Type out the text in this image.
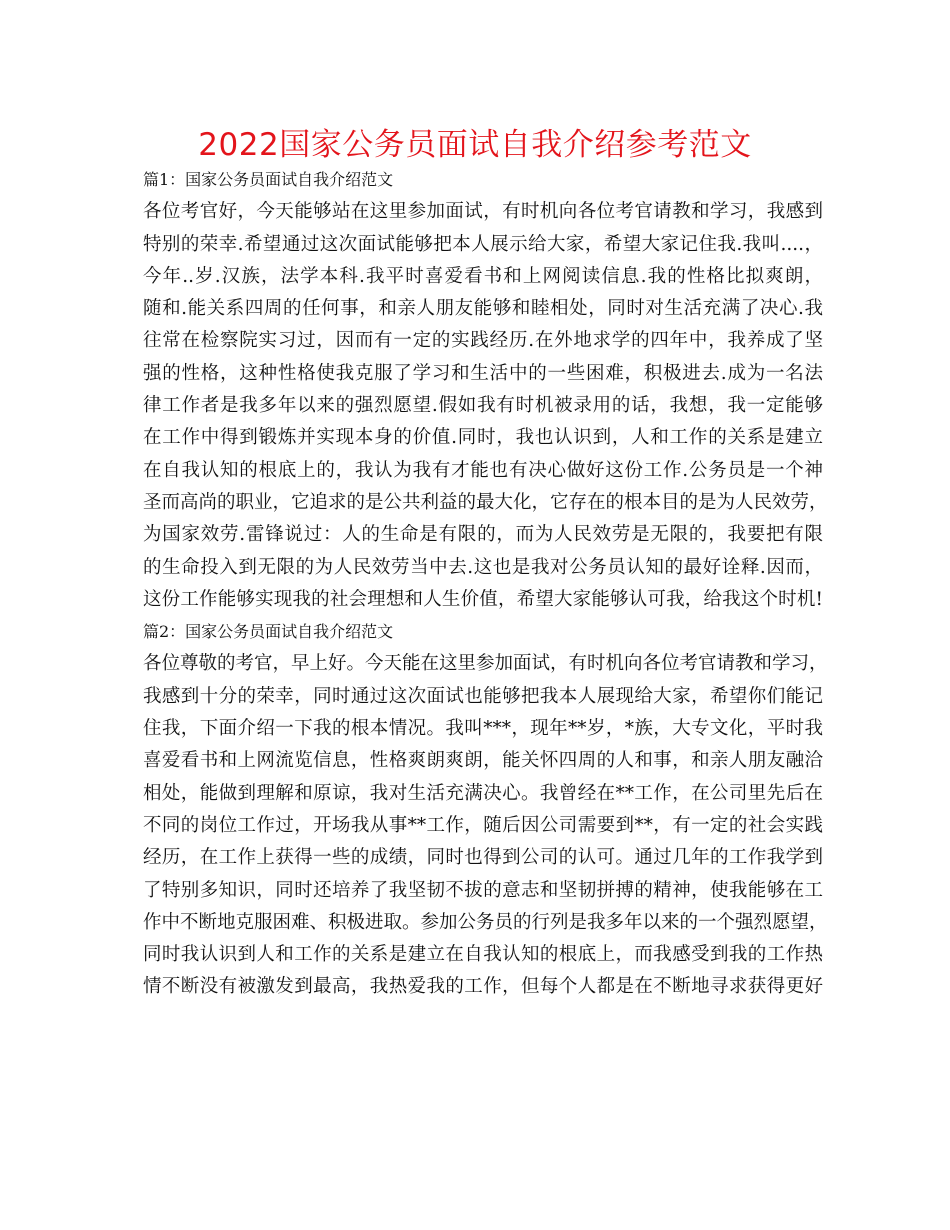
2022国家公务员面试自我介绍参考范文
篇1：国家公务员面试自我介绍范文
各位考官好，今天能够站在这里参加面试，有时机向各位考官请教和学习，我感到
特别的荣幸.希望通过这次面试能够把本人展示给大家，希望大家记住我.我叫....，
今年..岁.汉族，法学本科.我平时喜爱看书和上网阅读信息.我的性格比拟爽朗，
随和.能关系四周的任何事，和亲人朋友能够和睦相处，同时对生活充满了决心.我
往常在检察院实习过，因而有一定的实践经历.在外地求学的四年中，我养成了坚
强的性格，这种性格使我克服了学习和生活中的一些困难，积极进去.成为一名法
律工作者是我多年以来的强烈愿望.假如我有时机被录用的话，我想，我一定能够
在工作中得到锻炼并实现本身的价值.同时，我也认识到，人和工作的关系是建立
在自我认知的根底上的，我认为我有才能也有决心做好这份工作.公务员是一个神
圣而高尚的职业，它追求的是公共利益的最大化，它存在的根本目的是为人民效劳，
为国家效劳.雷锋说过：人的生命是有限的，而为人民效劳是无限的，我要把有限
的生命投入到无限的为人民效劳当中去.这也是我对公务员认知的最好诠释.因而，
这份工作能够实现我的社会理想和人生价值，希望大家能够认可我，给我这个时机!
篇2：国家公务员面试自我介绍范文
各位尊敬的考官，早上好。今天能在这里参加面试，有时机向各位考官请教和学习，
我感到十分的荣幸，同时通过这次面试也能够把我本人展现给大家，希望你们能记
住我，下面介绍一下我的根本情况。我叫***，现年**岁，*族，大专文化，平时我
喜爱看书和上网流览信息，性格爽朗爽朗，能关怀四周的人和事，和亲人朋友融洽
相处，能做到理解和原谅，我对生活充满决心。我曾经在**工作，在公司里先后在
不同的岗位工作过，开场我从事**工作，随后因公司需要到**，有一定的社会实践
经历，在工作上获得一些的成绩，同时也得到公司的认可。通过几年的工作我学到
了特别多知识，同时还培养了我坚韧不拔的意志和坚韧拼搏的精神，使我能够在工
作中不断地克服困难、积极进取。参加公务员的行列是我多年以来的一个强烈愿望，
同时我认识到人和工作的关系是建立在自我认知的根底上，而我感受到我的工作热
情不断没有被激发到最高，我热爱我的工作，但每个人都是在不断地寻求获得更好
